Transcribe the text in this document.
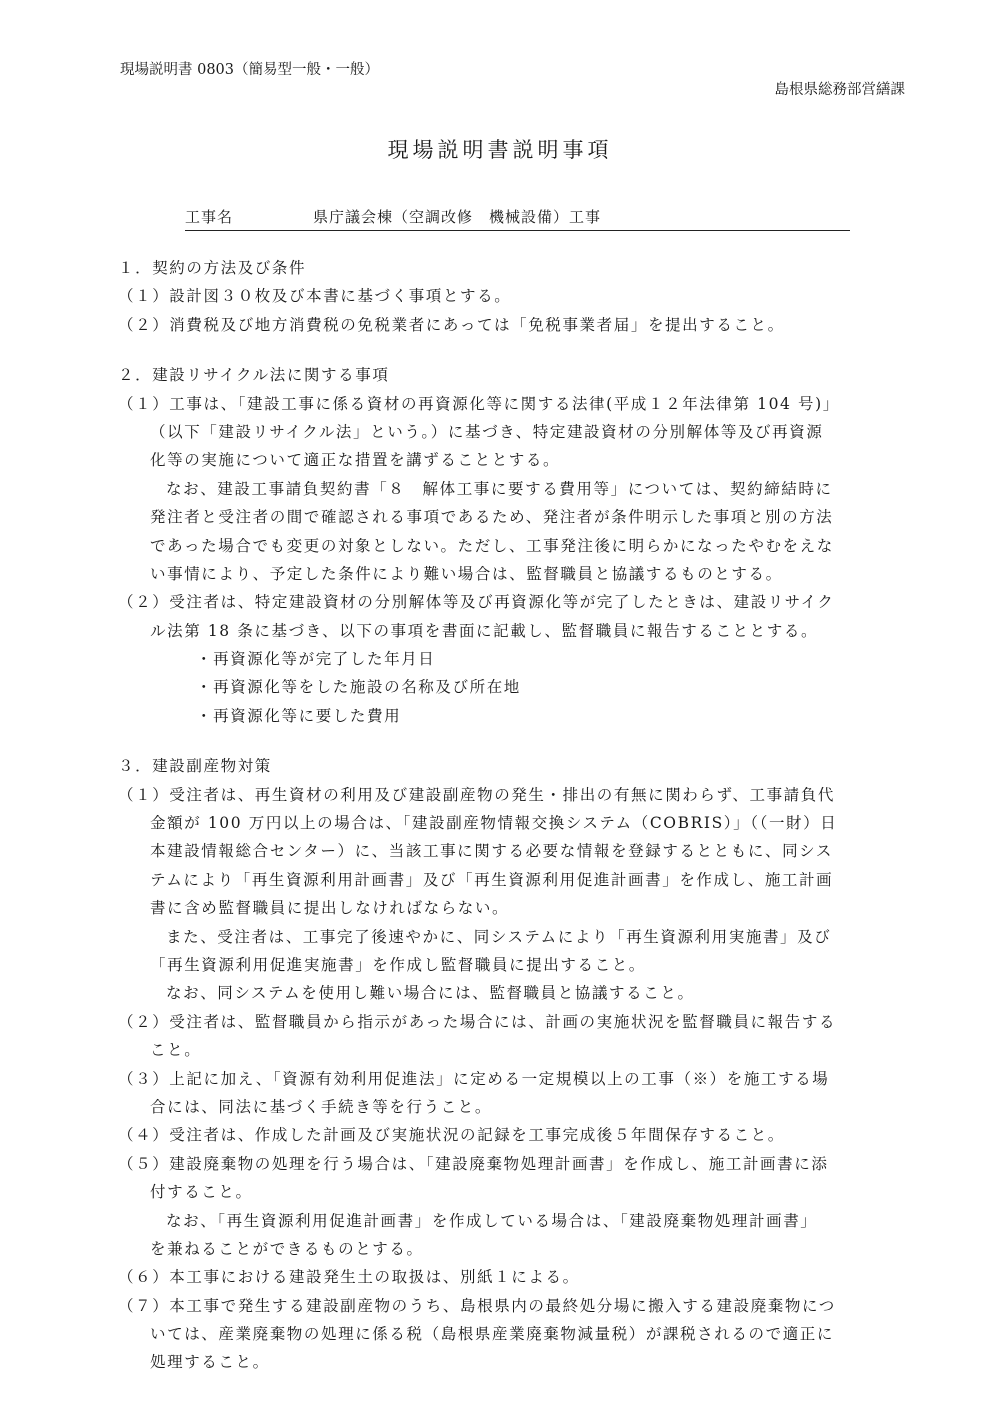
現場説明書 0803（簡易型一般・一般）
島根県総務部営繕課
現場説明書説明事項
工事名	県庁議会棟（空調改修　機械設備）工事
１．契約の方法及び条件
（１）設計図３０枚及び本書に基づく事項とする。
（２）消費税及び地方消費税の免税業者にあっては「免税事業者届」を提出すること。
２．建設リサイクル法に関する事項
（１）工事は、「建設工事に係る資材の再資源化等に関する法律(平成１２年法律第 104 号)」
（以下「建設リサイクル法」という。）に基づき、特定建設資材の分別解体等及び再資源
化等の実施について適正な措置を講ずることとする。
なお、建設工事請負契約書「８　解体工事に要する費用等」については、契約締結時に
発注者と受注者の間で確認される事項であるため、発注者が条件明示した事項と別の方法
であった場合でも変更の対象としない。ただし、工事発注後に明らかになったやむをえな
い事情により、予定した条件により難い場合は、監督職員と協議するものとする。
（２）受注者は、特定建設資材の分別解体等及び再資源化等が完了したときは、建設リサイク
ル法第 18 条に基づき、以下の事項を書面に記載し、監督職員に報告することとする。
・再資源化等が完了した年月日
・再資源化等をした施設の名称及び所在地
・再資源化等に要した費用
３．建設副産物対策
（１）受注者は、再生資材の利用及び建設副産物の発生・排出の有無に関わらず、工事請負代
金額が 100 万円以上の場合は、「建設副産物情報交換システム（COBRIS）」（（一財）日
本建設情報総合センター）に、当該工事に関する必要な情報を登録するとともに、同シス
テムにより「再生資源利用計画書」及び「再生資源利用促進計画書」を作成し、施工計画
書に含め監督職員に提出しなければならない。
また、受注者は、工事完了後速やかに、同システムにより「再生資源利用実施書」及び
「再生資源利用促進実施書」を作成し監督職員に提出すること。
なお、同システムを使用し難い場合には、監督職員と協議すること。
（２）受注者は、監督職員から指示があった場合には、計画の実施状況を監督職員に報告する
こと。
（３）上記に加え、「資源有効利用促進法」に定める一定規模以上の工事（※）を施工する場
合には、同法に基づく手続き等を行うこと。
（４）受注者は、作成した計画及び実施状況の記録を工事完成後５年間保存すること。
（５）建設廃棄物の処理を行う場合は、「建設廃棄物処理計画書」を作成し、施工計画書に添
付すること。
なお、「再生資源利用促進計画書」を作成している場合は、「建設廃棄物処理計画書」
を兼ねることができるものとする。
（６）本工事における建設発生土の取扱は、別紙１による。
（７）本工事で発生する建設副産物のうち、島根県内の最終処分場に搬入する建設廃棄物につ
いては、産業廃棄物の処理に係る税（島根県産業廃棄物減量税）が課税されるので適正に
処理すること。
